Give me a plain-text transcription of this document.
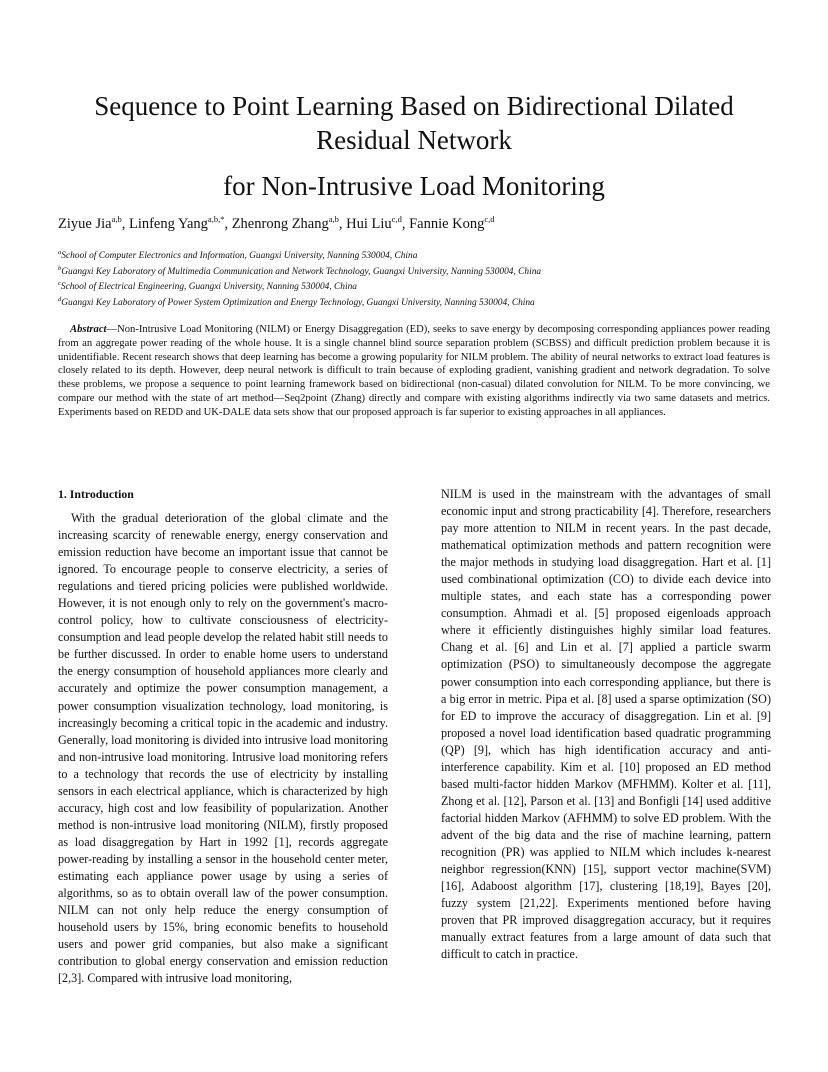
Sequence to Point Learning Based on Bidirectional Dilated
Residual Network
for Non-Intrusive Load Monitoring
Ziyue Jia$^{a,b}$, Linfeng Yang$^{a,b,*}$, Zhenrong Zhang$^{a,b}$, Hui Liu$^{c,d}$, Fannie Kong$^{c,d}$
$^a$School of Computer Electronics and Information, Guangxi University, Nanning 530004, China
$^b$Guangxi Key Laboratory of Multimedia Communication and Network Technology, Guangxi University, Nanning 530004, China
$^c$School of Electrical Engineering, Guangxi University, Nanning 530004, China
$^d$Guangxi Key Laboratory of Power System Optimization and Energy Technology, Guangxi University, Nanning 530004, China

Abstract—Non-Intrusive Load Monitoring (NILM) or Energy Disaggregation (ED), seeks to save energy by decomposing corresponding appliances power reading from an aggregate power reading of the whole house. It is a single channel blind source separation problem (SCBSS) and difficult prediction problem because it is unidentifiable. Recent research shows that deep learning has become a growing popularity for NILM problem. The ability of neural networks to extract load features is closely related to its depth. However, deep neural network is difficult to train because of exploding gradient, vanishing gradient and network degradation. To solve these problems, we propose a sequence to point learning framework based on bidirectional (non-casual) dilated convolution for NILM. To be more convincing, we compare our method with the state of art method—Seq2point (Zhang) directly and compare with existing algorithms indirectly via two same datasets and metrics. Experiments based on REDD and UK-DALE data sets show that our proposed approach is far superior to existing approaches in all appliances.

1. Introduction

With the gradual deterioration of the global climate and the increasing scarcity of renewable energy, energy conservation and emission reduction have become an important issue that cannot be ignored. To encourage people to conserve electricity, a series of regulations and tiered pricing policies were published worldwide. However, it is not enough only to rely on the government's macro-control policy, how to cultivate consciousness of electricity-consumption and lead people develop the related habit still needs to be further discussed. In order to enable home users to understand the energy consumption of household appliances more clearly and accurately and optimize the power consumption management, a power consumption visualization technology, load monitoring, is increasingly becoming a critical topic in the academic and industry. Generally, load monitoring is divided into intrusive load monitoring and non-intrusive load monitoring. Intrusive load monitoring refers to a technology that records the use of electricity by installing sensors in each electrical appliance, which is characterized by high accuracy, high cost and low feasibility of popularization. Another method is non-intrusive load monitoring (NILM), firstly proposed as load disaggregation by Hart in 1992 [1], records aggregate power-reading by installing a sensor in the household center meter, estimating each appliance power usage by using a series of algorithms, so as to obtain overall law of the power consumption. NILM can not only help reduce the energy consumption of household users by 15%, bring economic benefits to household users and power grid companies, but also make a significant contribution to global energy conservation and emission reduction [2,3]. Compared with intrusive load monitoring,

NILM is used in the mainstream with the advantages of small economic input and strong practicability [4]. Therefore, researchers pay more attention to NILM in recent years. In the past decade, mathematical optimization methods and pattern recognition were the major methods in studying load disaggregation. Hart et al. [1] used combinational optimization (CO) to divide each device into multiple states, and each state has a corresponding power consumption. Ahmadi et al. [5] proposed eigenloads approach where it efficiently distinguishes highly similar load features. Chang et al. [6] and Lin et al. [7] applied a particle swarm optimization (PSO) to simultaneously decompose the aggregate power consumption into each corresponding appliance, but there is a big error in metric. Pipa et al. [8] used a sparse optimization (SO) for ED to improve the accuracy of disaggregation. Lin et al. [9] proposed a novel load identification based quadratic programming (QP) [9], which has high identification accuracy and anti-interference capability. Kim et al. [10] proposed an ED method based multi-factor hidden Markov (MFHMM). Kolter et al. [11], Zhong et al. [12], Parson et al. [13] and Bonfigli [14] used additive factorial hidden Markov (AFHMM) to solve ED problem. With the advent of the big data and the rise of machine learning, pattern recognition (PR) was applied to NILM which includes k-nearest neighbor regression(KNN) [15], support vector machine(SVM) [16], Adaboost algorithm [17], clustering [18,19], Bayes [20], fuzzy system [21,22]. Experiments mentioned before having proven that PR improved disaggregation accuracy, but it requires manually extract features from a large amount of data such that difficult to catch in practice.
